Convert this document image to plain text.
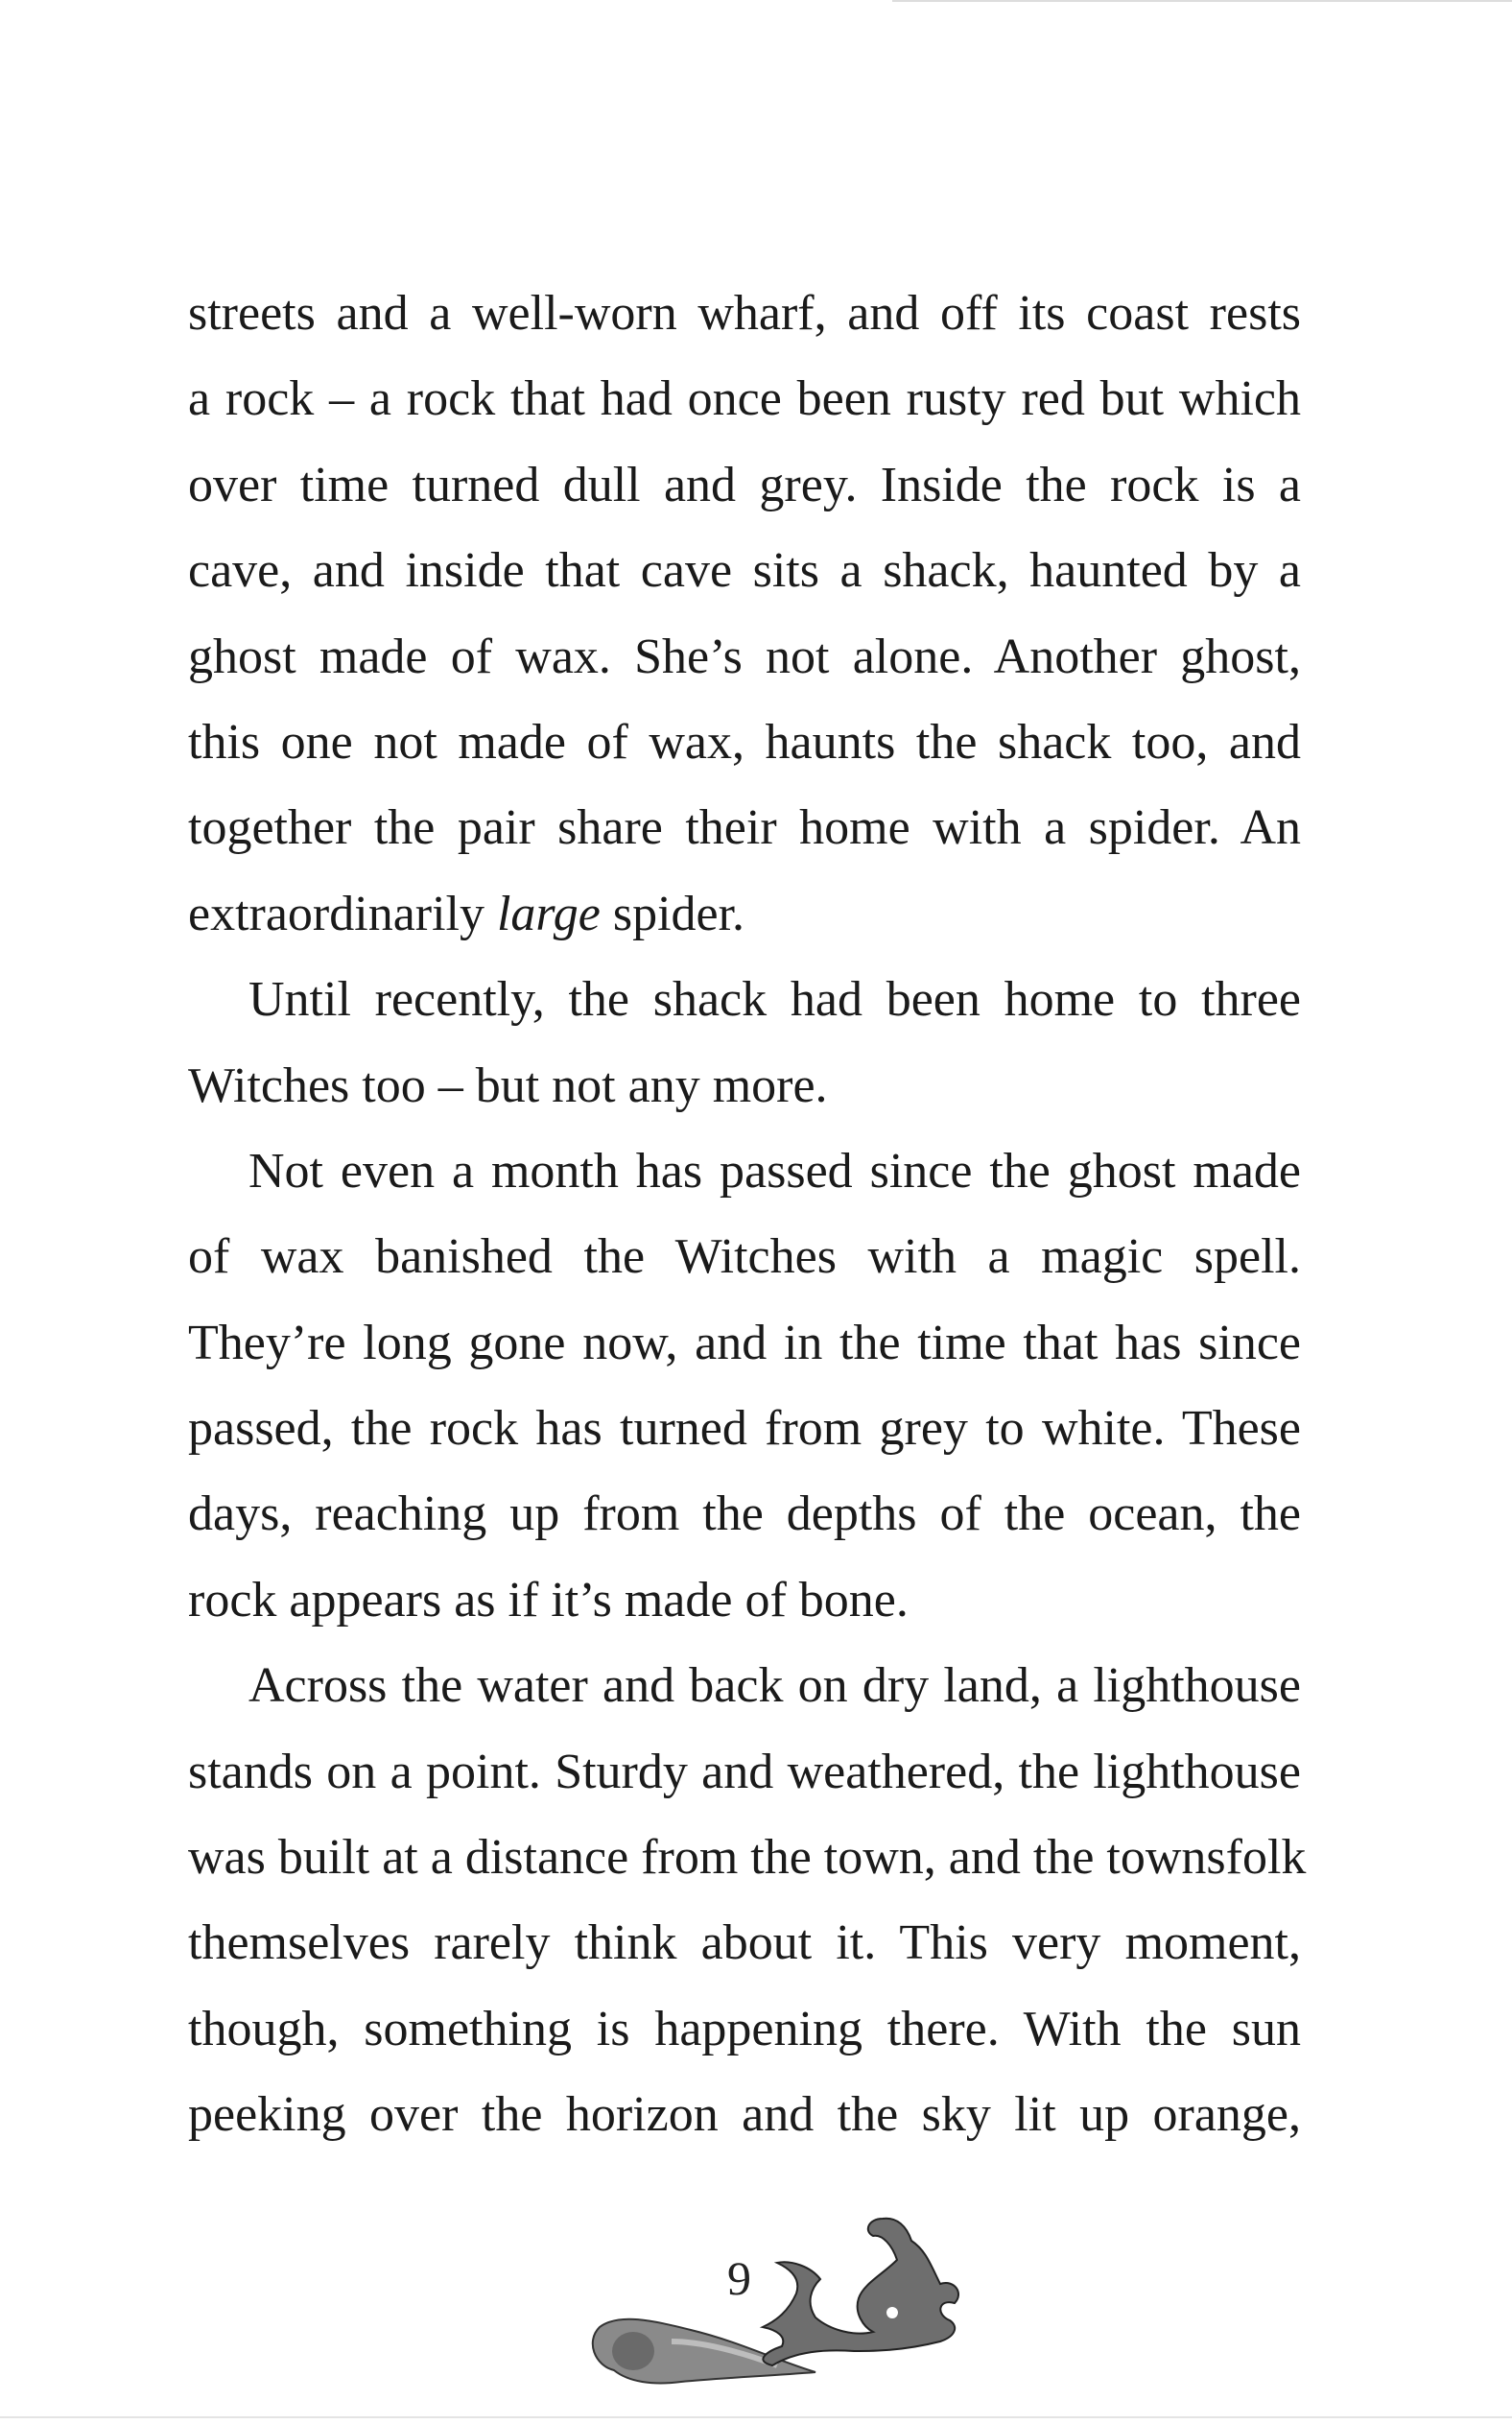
streets and a well-worn wharf, and off its coast rests
a rock – a rock that had once been rusty red but which
over time turned dull and grey. Inside the rock is a
cave, and inside that cave sits a shack, haunted by a
ghost made of wax. She’s not alone. Another ghost,
this one not made of wax, haunts the shack too, and
together the pair share their home with a spider. An
extraordinarily large spider.
Until recently, the shack had been home to three
Witches too – but not any more.
Not even a month has passed since the ghost made
of wax banished the Witches with a magic spell.
They’re long gone now, and in the time that has since
passed, the rock has turned from grey to white. These
days, reaching up from the depths of the ocean, the
rock appears as if it’s made of bone.
Across the water and back on dry land, a lighthouse
stands on a point. Sturdy and weathered, the lighthouse
was built at a distance from the town, and the townsfolk
themselves rarely think about it. This very moment,
though, something is happening there. With the sun
peeking over the horizon and the sky lit up orange,
9
